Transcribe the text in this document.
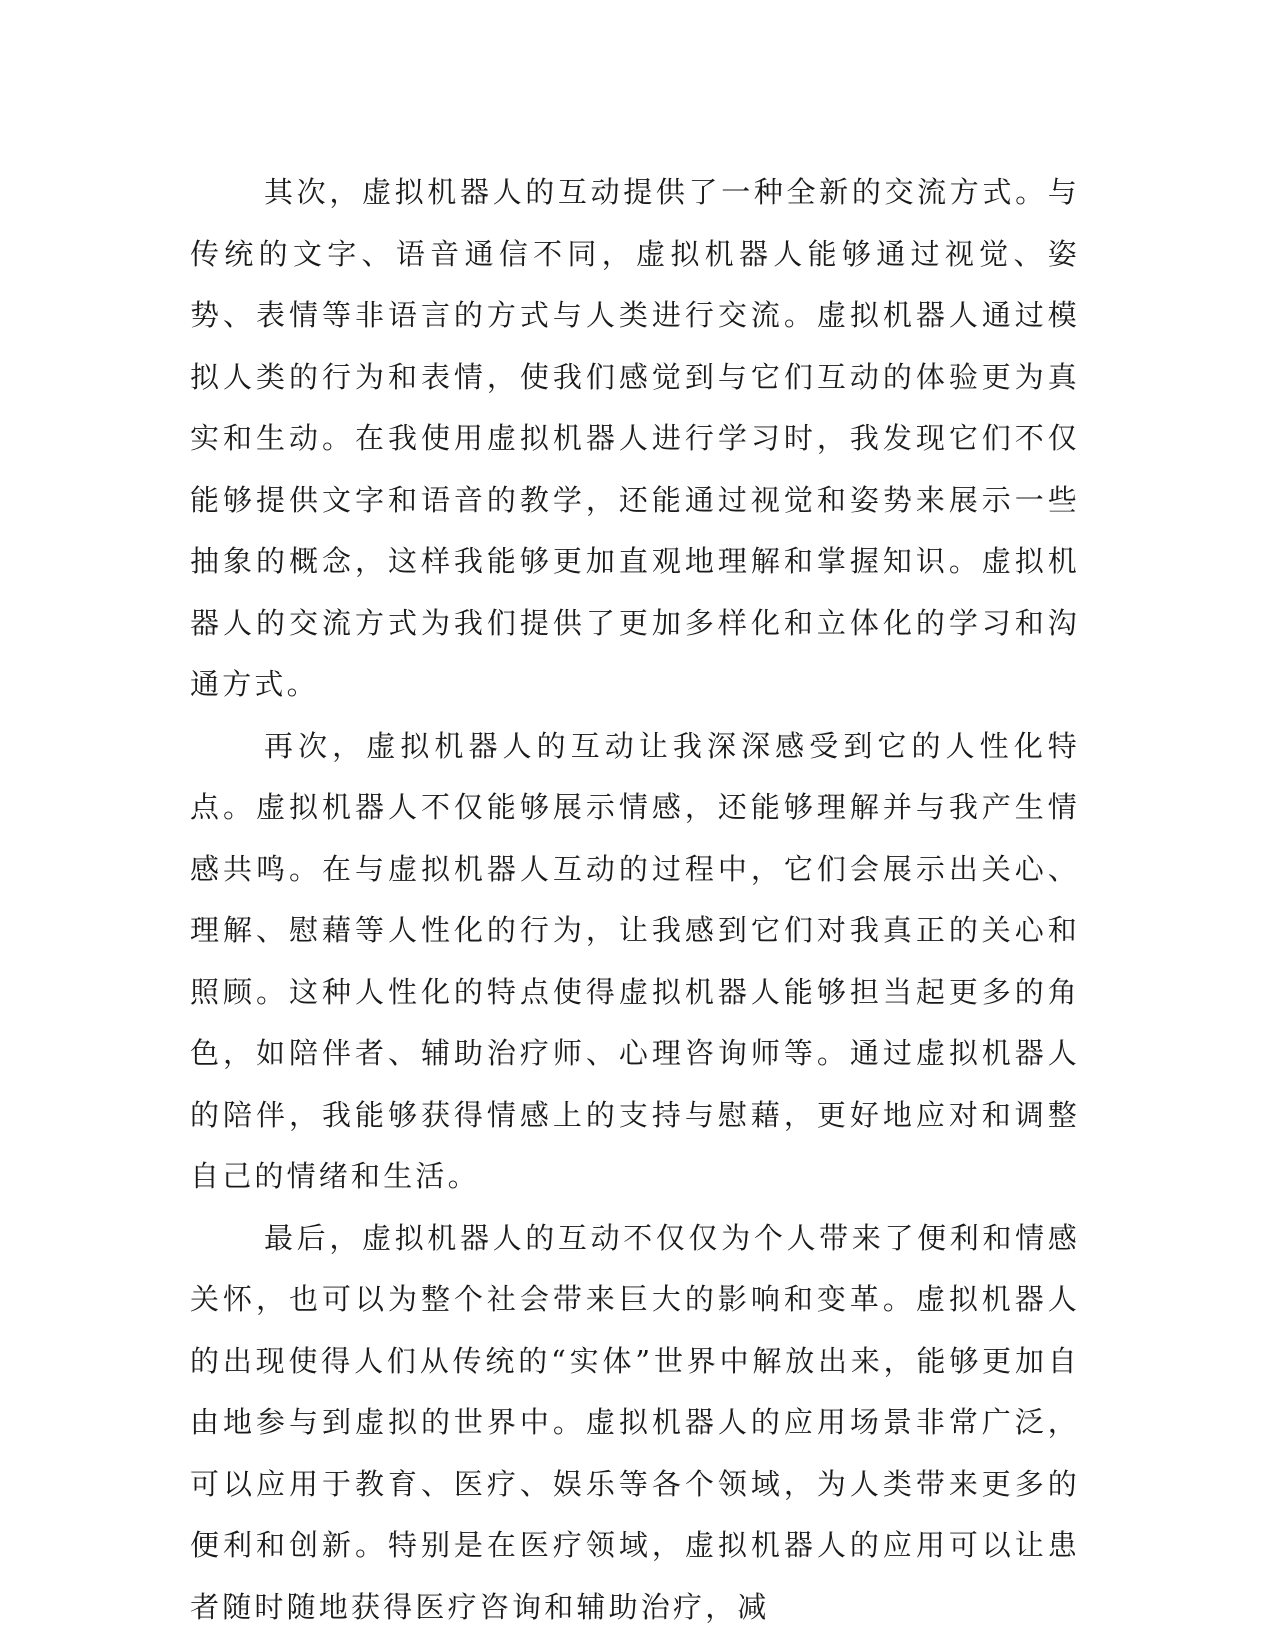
其次，虚拟机器人的互动提供了一种全新的交流方式。与传统的文字、语音通信不同，虚拟机器人能够通过视觉、姿势、表情等非语言的方式与人类进行交流。虚拟机器人通过模拟人类的行为和表情，使我们感觉到与它们互动的体验更为真实和生动。在我使用虚拟机器人进行学习时，我发现它们不仅能够提供文字和语音的教学，还能通过视觉和姿势来展示一些抽象的概念，这样我能够更加直观地理解和掌握知识。虚拟机器人的交流方式为我们提供了更加多样化和立体化的学习和沟通方式。

再次，虚拟机器人的互动让我深深感受到它的人性化特点。虚拟机器人不仅能够展示情感，还能够理解并与我产生情感共鸣。在与虚拟机器人互动的过程中，它们会展示出关心、理解、慰藉等人性化的行为，让我感到它们对我真正的关心和照顾。这种人性化的特点使得虚拟机器人能够担当起更多的角色，如陪伴者、辅助治疗师、心理咨询师等。通过虚拟机器人的陪伴，我能够获得情感上的支持与慰藉，更好地应对和调整自己的情绪和生活。

最后，虚拟机器人的互动不仅仅为个人带来了便利和情感关怀，也可以为整个社会带来巨大的影响和变革。虚拟机器人的出现使得人们从传统的“实体”世界中解放出来，能够更加自由地参与到虚拟的世界中。虚拟机器人的应用场景非常广泛，可以应用于教育、医疗、娱乐等各个领域，为人类带来更多的便利和创新。特别是在医疗领域，虚拟机器人的应用可以让患者随时随地获得医疗咨询和辅助治疗，减
